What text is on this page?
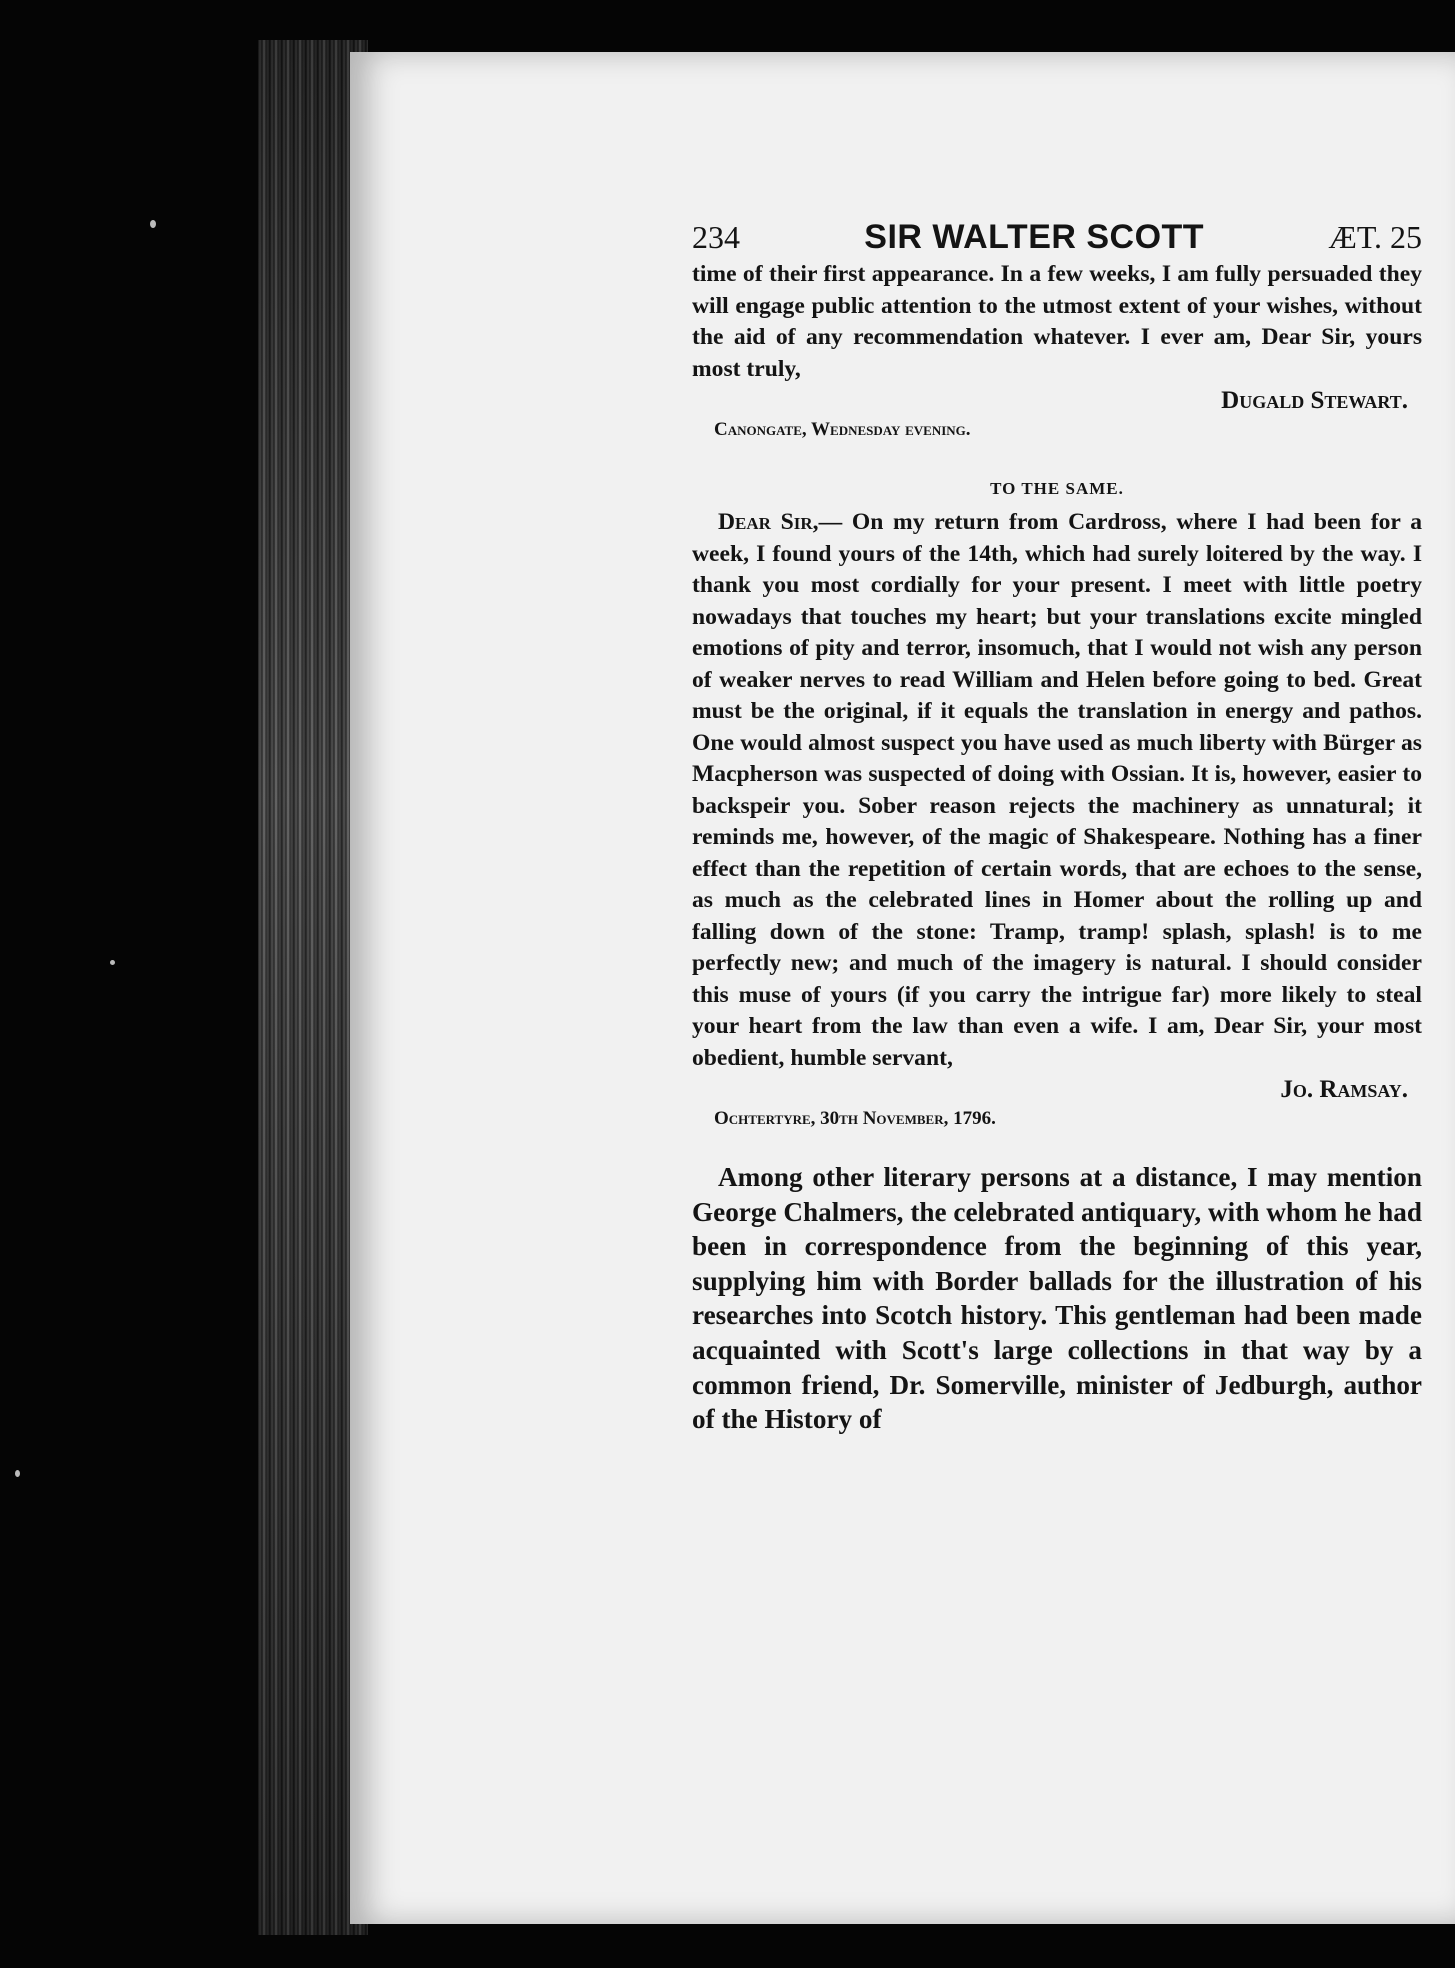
234	SIR WALTER SCOTT	ÆT. 25

time of their first appearance. In a few weeks, I am fully persuaded they will engage public attention to the utmost extent of your wishes, without the aid of any recommendation whatever. I ever am, Dear Sir, yours most truly,

Dugald Stewart.
Canongate, Wednesday evening.
TO THE SAME.

Dear Sir,— On my return from Cardross, where I had been for a week, I found yours of the 14th, which had surely loitered by the way. I thank you most cordially for your present. I meet with little poetry nowadays that touches my heart; but your translations excite mingled emotions of pity and terror, insomuch, that I would not wish any person of weaker nerves to read William and Helen before going to bed. Great must be the original, if it equals the translation in energy and pathos. One would almost suspect you have used as much liberty with Bürger as Macpherson was suspected of doing with Ossian. It is, however, easier to backspeir you. Sober reason rejects the machinery as unnatural; it reminds me, however, of the magic of Shakespeare. Nothing has a finer effect than the repetition of certain words, that are echoes to the sense, as much as the celebrated lines in Homer about the rolling up and falling down of the stone: Tramp, tramp! splash, splash! is to me perfectly new; and much of the imagery is natural. I should consider this muse of yours (if you carry the intrigue far) more likely to steal your heart from the law than even a wife. I am, Dear Sir, your most obedient, humble servant,

Jo. Ramsay.
Ochtertyre, 30th November, 1796.

Among other literary persons at a distance, I may mention George Chalmers, the celebrated antiquary, with whom he had been in correspondence from the beginning of this year, supplying him with Border ballads for the illustration of his researches into Scotch history. This gentleman had been made acquainted with Scott's large collections in that way by a common friend, Dr. Somerville, minister of Jedburgh, author of the History of
